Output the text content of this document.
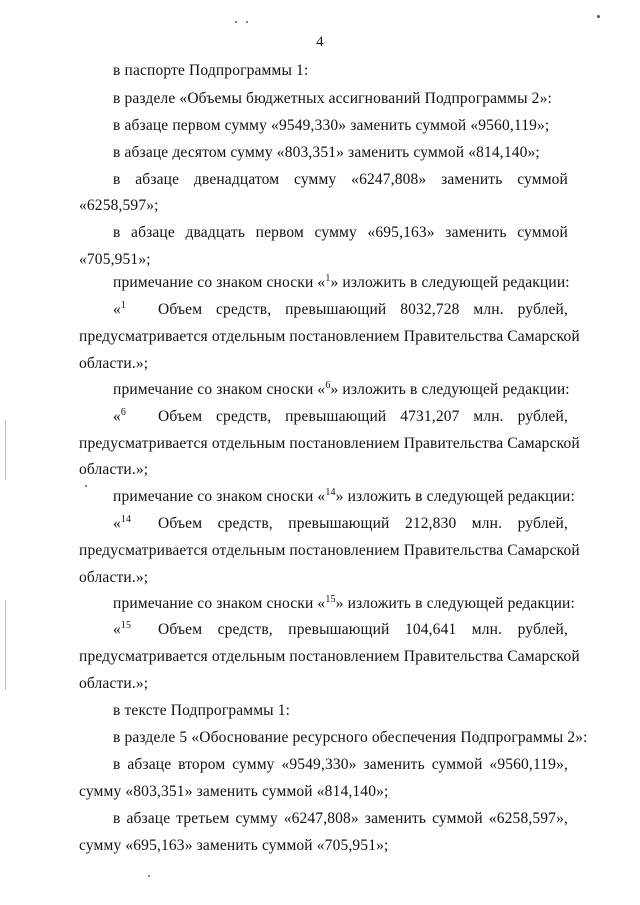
4
в паспорте Подпрограммы 1:
в разделе «Объемы бюджетных ассигнований Подпрограммы 2»:
в абзаце первом сумму «9549,330» заменить суммой «9560,119»;
в абзаце десятом сумму «803,351» заменить суммой «814,140»;
в абзаце двенадцатом сумму «6247,808» заменить суммой
«6258,597»;
в абзаце двадцать первом сумму «695,163» заменить суммой
«705,951»;
примечание со знаком сноски «$^1$» изложить в следующей редакции:
«$^1$ Объем средств, превышающий 8032,728 млн. рублей,
предусматривается отдельным постановлением Правительства Самарской
области.»;
примечание со знаком сноски «$^6$» изложить в следующей редакции:
«$^6$ Объем средств, превышающий 4731,207 млн. рублей,
предусматривается отдельным постановлением Правительства Самарской
области.»;
примечание со знаком сноски «$^{14}$» изложить в следующей редакции:
«$^{14}$ Объем средств, превышающий 212,830 млн. рублей,
предусматривается отдельным постановлением Правительства Самарской
области.»;
примечание со знаком сноски «$^{15}$» изложить в следующей редакции:
«$^{15}$ Объем средств, превышающий 104,641 млн. рублей,
предусматривается отдельным постановлением Правительства Самарской
области.»;
в тексте Подпрограммы 1:
в разделе 5 «Обоснование ресурсного обеспечения Подпрограммы 2»:
в абзаце втором сумму «9549,330» заменить суммой «9560,119»,
сумму «803,351» заменить суммой «814,140»;
в абзаце третьем сумму «6247,808» заменить суммой «6258,597»,
сумму «695,163» заменить суммой «705,951»;
